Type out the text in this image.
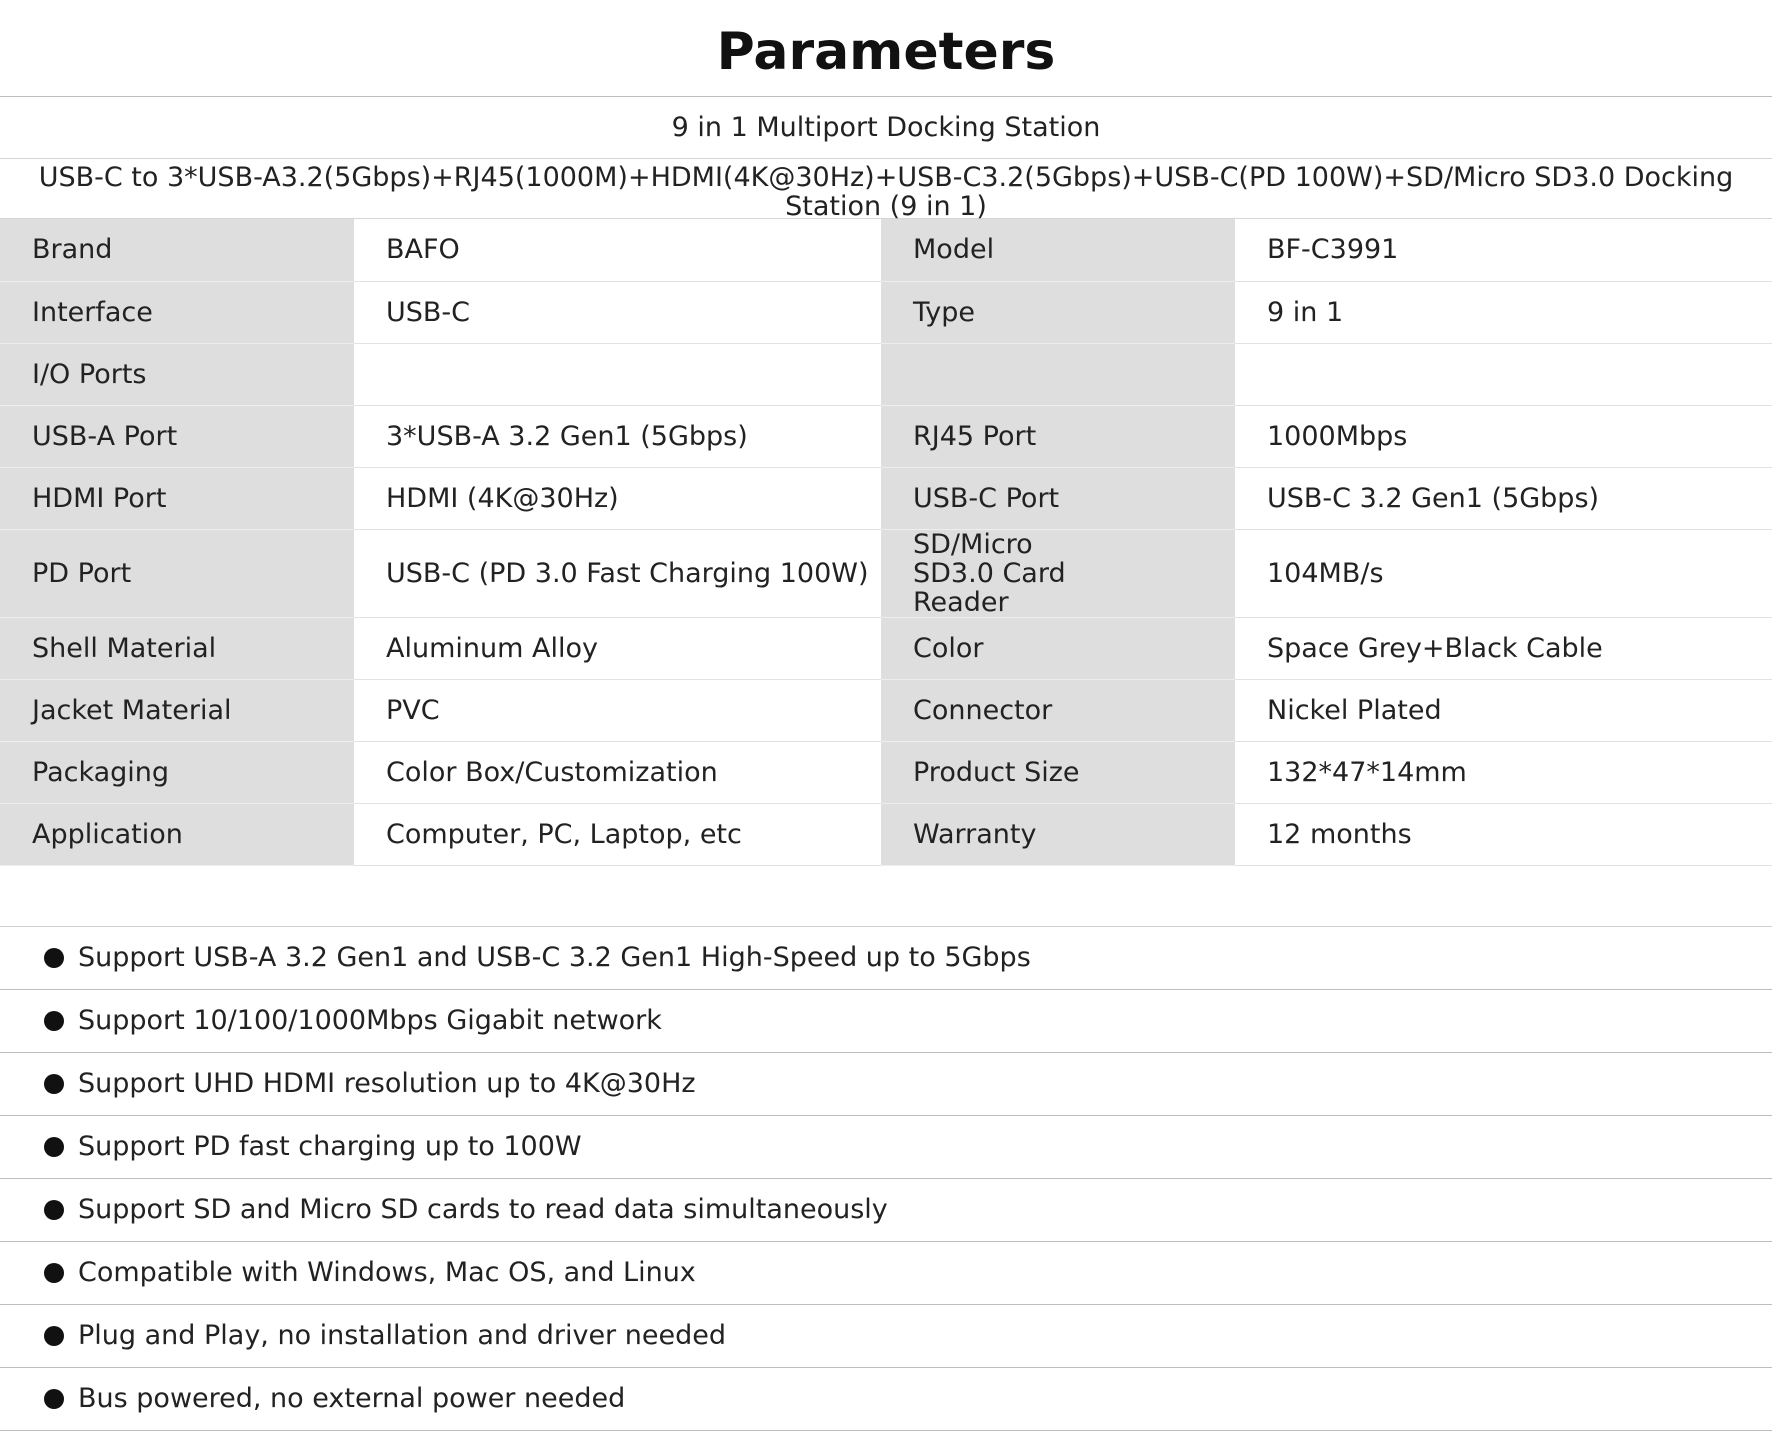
Parameters
9 in 1 Multiport Docking Station
USB-C to 3*USB-A3.2(5Gbps)+RJ45(1000M)+HDMI(4K@30Hz)+USB-C3.2(5Gbps)+USB-C(PD 100W)+SD/Micro SD3.0 Docking Station (9 in 1)
Brand	BAFO	Model	BF-C3991
Interface	USB-C	Type	9 in 1
I/O Ports			
USB-A Port	3*USB-A 3.2 Gen1 (5Gbps)	RJ45 Port	1000Mbps
HDMI Port	HDMI (4K@30Hz)	USB-C Port	USB-C 3.2 Gen1 (5Gbps)
PD Port	USB-C (PD 3.0 Fast Charging 100W)	SD/Micro SD3.0 Card Reader	104MB/s
Shell Material	Aluminum Alloy	Color	Space Grey+Black Cable
Jacket Material	PVC	Connector	Nickel Plated
Packaging	Color Box/Customization	Product Size	132*47*14mm
Application	Computer, PC, Laptop, etc	Warranty	12 months
Support USB-A 3.2 Gen1 and USB-C 3.2 Gen1 High-Speed up to 5Gbps
Support 10/100/1000Mbps Gigabit network
Support UHD HDMI resolution up to 4K@30Hz
Support PD fast charging up to 100W
Support SD and Micro SD cards to read data simultaneously
Compatible with Windows, Mac OS, and Linux
Plug and Play, no installation and driver needed
Bus powered, no external power needed
